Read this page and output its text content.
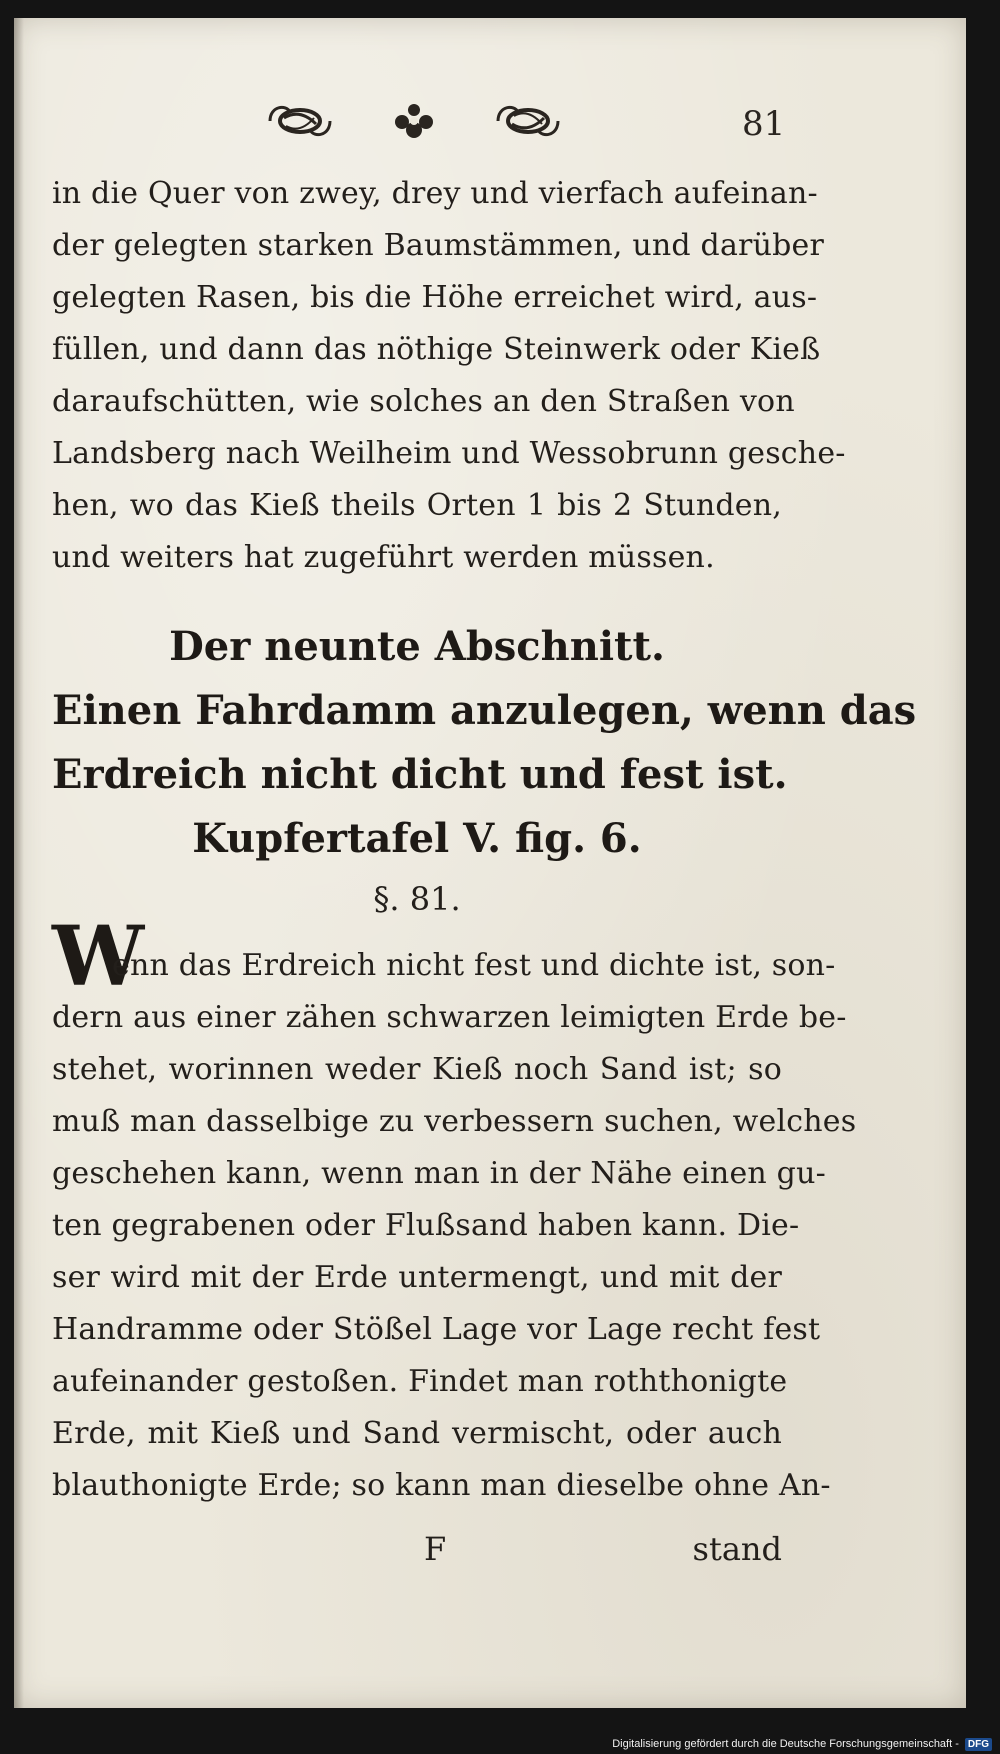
81
in die Quer von zwey, drey und vierfach aufeinan-
der gelegten starken Baumstämmen, und darüber
gelegten Rasen, bis die Höhe erreichet wird, aus-
füllen, und dann das nöthige Steinwerk oder Kieß
daraufschütten, wie solches an den Straßen von
Landsberg nach Weilheim und Wessobrunn gesche-
hen, wo das Kieß theils Orten 1 bis 2 Stunden,
und weiters hat zugeführt werden müssen.
Der neunte Abschnitt.
Einen Fahrdamm anzulegen, wenn das
Erdreich nicht dicht und fest ist.
Kupfertafel V. fig. 6.
§. 81.
W
enn das Erdreich nicht fest und dichte ist, son-
dern aus einer zähen schwarzen leimigten Erde be-
stehet, worinnen weder Kieß noch Sand ist; so
muß man dasselbige zu verbessern suchen, welches
geschehen kann, wenn man in der Nähe einen gu-
ten gegrabenen oder Flußsand haben kann. Die-
ser wird mit der Erde untermengt, und mit der
Handramme oder Stößel Lage vor Lage recht fest
aufeinander gestoßen. Findet man roththonigte
Erde, mit Kieß und Sand vermischt, oder auch
blauthonigte Erde; so kann man dieselbe ohne An-
F	stand
Digitalisierung gefördert durch die Deutsche Forschungsgemeinschaft - DFG
